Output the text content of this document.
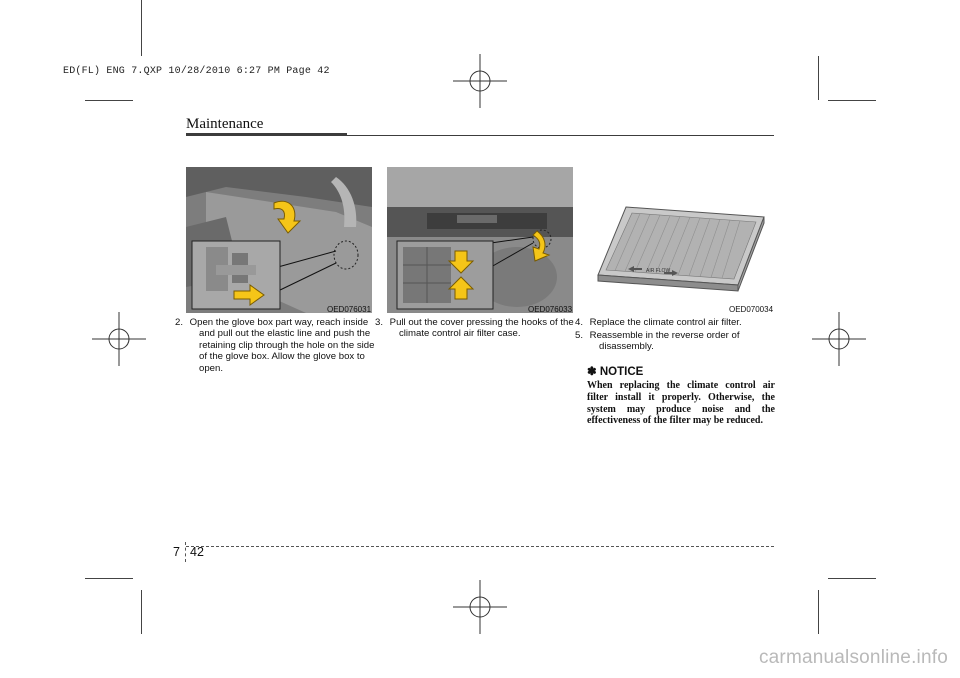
ED(FL) ENG 7.QXP 10/28/2010 6:27 PM Page 42
Maintenance
OED076031	OED076033
AIR FLOW
OED070034
2. Open the glove box part way, reach inside and pull out the elastic line and push the retaining clip through the hole on the side of the glove box. Allow the glove box to open.
3. Pull out the cover pressing the hooks of the climate control air filter case.
4. Replace the climate control air filter.
5. Reassemble in the reverse order of disassembly.
✽ NOTICE
When replacing the climate control air filter install it properly. Otherwise, the system may produce noise and the effectiveness of the filter may be reduced.
7 42
carmanualsonline.info
